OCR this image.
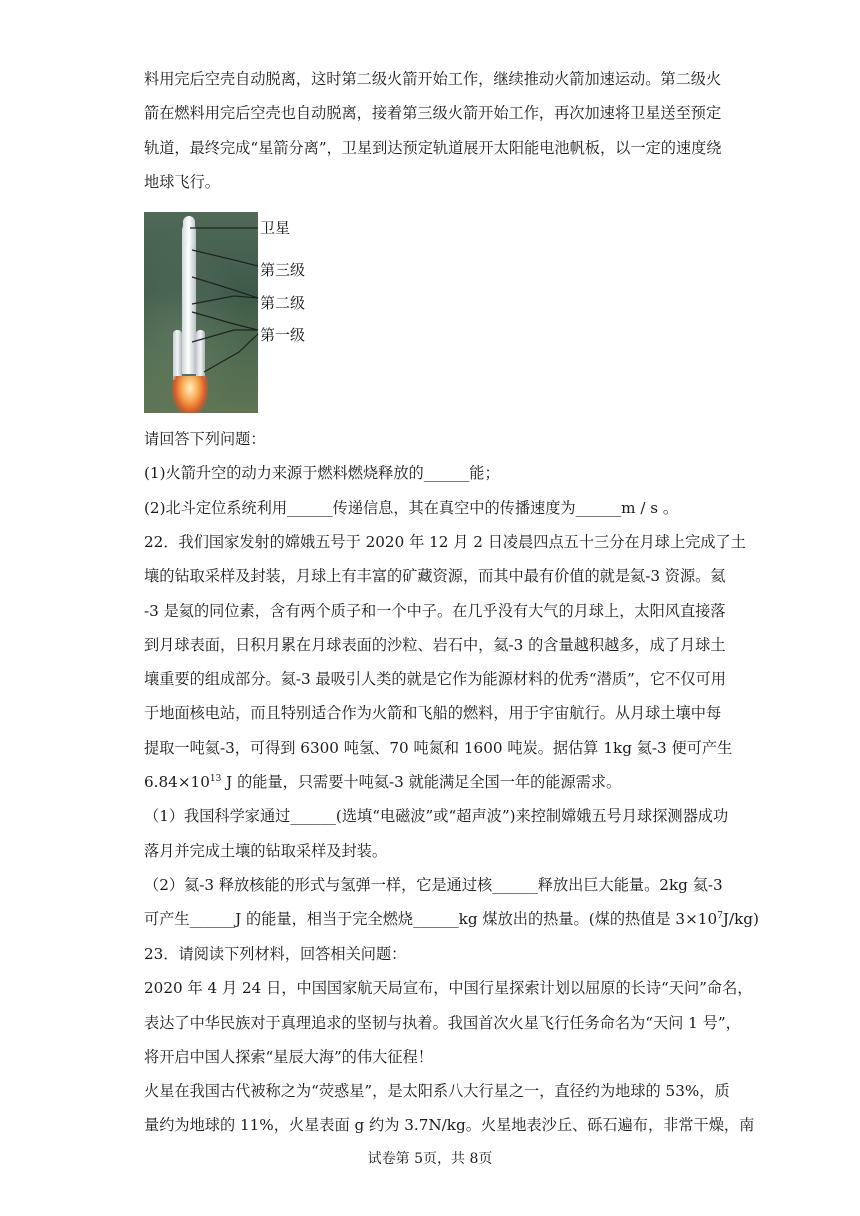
料用完后空壳自动脱离，这时第二级火箭开始工作，继续推动火箭加速运动。第二级火
箭在燃料用完后空壳也自动脱离，接着第三级火箭开始工作，再次加速将卫星送至预定
轨道，最终完成“星箭分离”，卫星到达预定轨道展开太阳能电池帆板，以一定的速度绕
地球飞行。

卫星
第三级
第二级
第一级

请回答下列问题：
(1)火箭升空的动力来源于燃料燃烧释放的______能；
(2)北斗定位系统利用______传递信息，其在真空中的传播速度为______m / s 。

22．我们国家发射的嫦娥五号于 2020 年 12 月 2 日凌晨四点五十三分在月球上完成了土
壤的钻取采样及封装，月球上有丰富的矿藏资源，而其中最有价值的就是氦-3 资源。氦
-3 是氦的同位素，含有两个质子和一个中子。在几乎没有大气的月球上，太阳风直接落
到月球表面，日积月累在月球表面的沙粒、岩石中，氦-3 的含量越积越多，成了月球土
壤重要的组成部分。氦-3 最吸引人类的就是它作为能源材料的优秀“潜质”，它不仅可用
于地面核电站，而且特别适合作为火箭和飞船的燃料，用于宇宙航行。从月球土壤中每
提取一吨氦-3，可得到 6300 吨氢、70 吨氮和 1600 吨炭。据估算 1kg 氦-3 便可产生
$6.84\times 10^{13}$ J 的能量，只需要十吨氦-3 就能满足全国一年的能源需求。
（1）我国科学家通过______(选填“电磁波”或“超声波”)来控制嫦娥五号月球探测器成功
落月并完成土壤的钻取采样及封装。
（2）氦-3 释放核能的形式与氢弹一样，它是通过核______释放出巨大能量。2kg 氦-3
可产生______J 的能量，相当于完全燃烧______kg 煤放出的热量。(煤的热值是 $3\times 10^7J/kg$)

23．请阅读下列材料，回答相关问题：
2020 年 4 月 24 日，中国国家航天局宣布，中国行星探索计划以屈原的长诗“天问”命名，
表达了中华民族对于真理追求的坚韧与执着。我国首次火星飞行任务命名为“天问 1 号”，
将开启中国人探索“星辰大海”的伟大征程！
火星在我国古代被称之为“荧惑星”，是太阳系八大行星之一，直径约为地球的 53%，质
量约为地球的 11%，火星表面 g 约为 3.7N/kg。火星地表沙丘、砾石遍布，非常干燥，南

试卷第 5页，共 8页
